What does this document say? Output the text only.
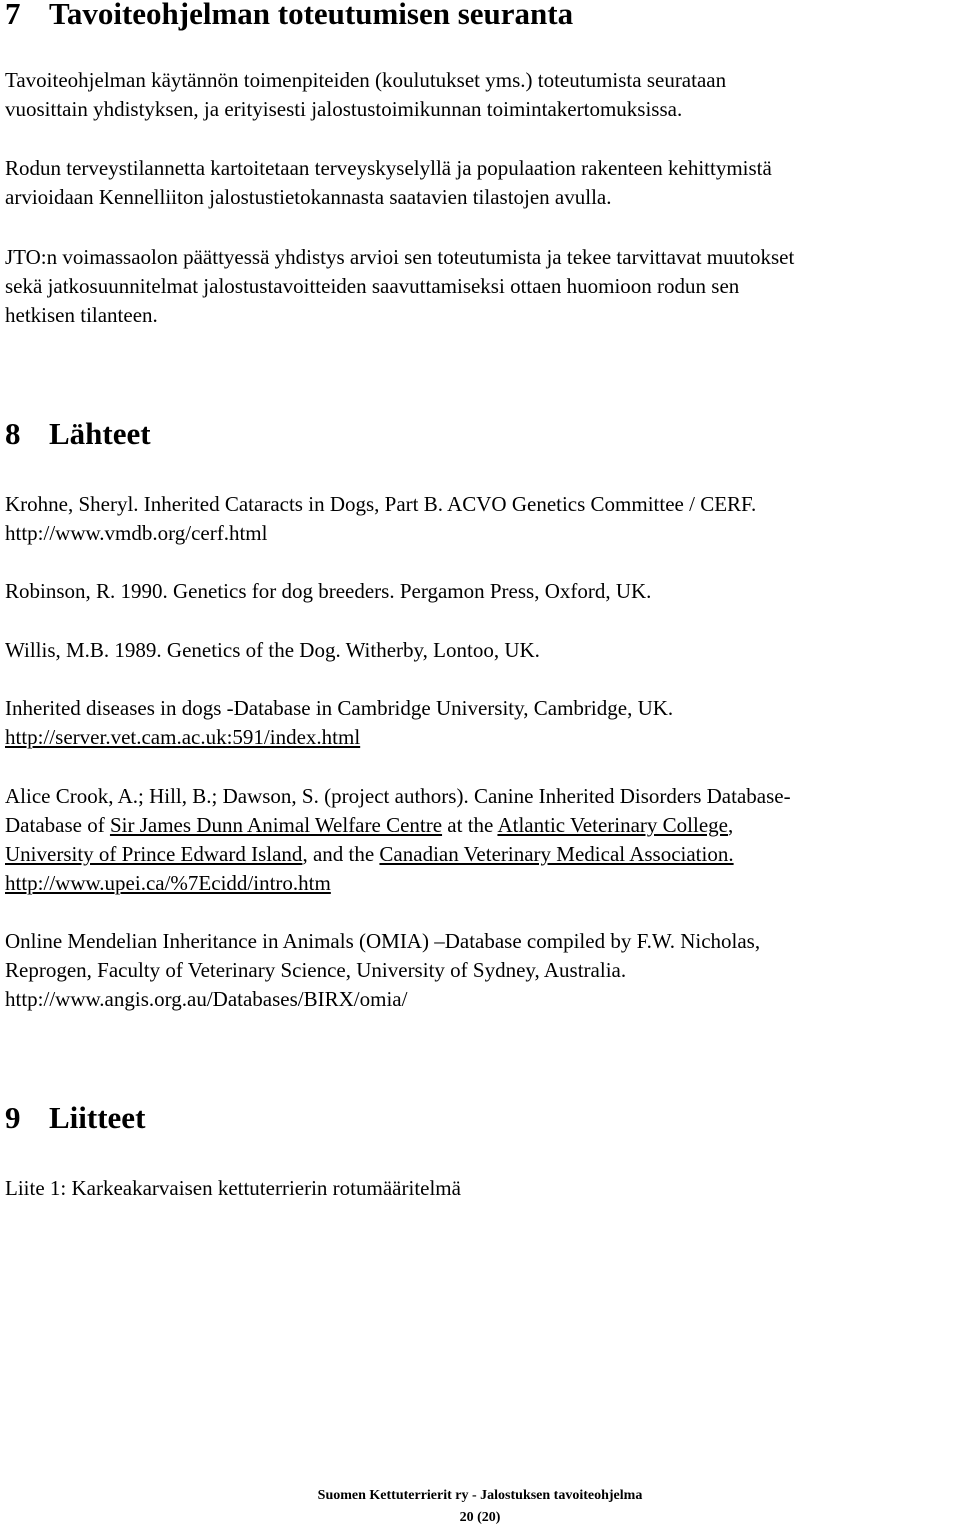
7 Tavoiteohjelman toteutumisen seuranta

Tavoiteohjelman käytännön toimenpiteiden (koulutukset yms.) toteutumista seurataan
vuosittain yhdistyksen, ja erityisesti jalostustoimikunnan toimintakertomuksissa.

Rodun terveystilannetta kartoitetaan terveyskyselyllä ja populaation rakenteen kehittymistä
arvioidaan Kennelliiton jalostustietokannasta saatavien tilastojen avulla.

JTO:n voimassaolon päättyessä yhdistys arvioi sen toteutumista ja tekee tarvittavat muutokset
sekä jatkosuunnitelmat jalostustavoitteiden saavuttamiseksi ottaen huomioon rodun sen
hetkisen tilanteen.

8 Lähteet

Krohne, Sheryl. Inherited Cataracts in Dogs, Part B. ACVO Genetics Committee / CERF.
http://www.vmdb.org/cerf.html

Robinson, R. 1990. Genetics for dog breeders. Pergamon Press, Oxford, UK.

Willis, M.B. 1989. Genetics of the Dog. Witherby, Lontoo, UK.

Inherited diseases in dogs -Database in Cambridge University, Cambridge, UK.
http://server.vet.cam.ac.uk:591/index.html

Alice Crook, A.; Hill, B.; Dawson, S. (project authors). Canine Inherited Disorders Database-
Database of Sir James Dunn Animal Welfare Centre at the Atlantic Veterinary College,
University of Prince Edward Island, and the Canadian Veterinary Medical Association.
http://www.upei.ca/%7Ecidd/intro.htm

Online Mendelian Inheritance in Animals (OMIA) –Database compiled by F.W. Nicholas,
Reprogen, Faculty of Veterinary Science, University of Sydney, Australia.
http://www.angis.org.au/Databases/BIRX/omia/

9 Liitteet

Liite 1: Karkeakarvaisen kettuterrierin rotumääritelmä

Suomen Kettuterrierit ry - Jalostuksen tavoiteohjelma
20 (20)
